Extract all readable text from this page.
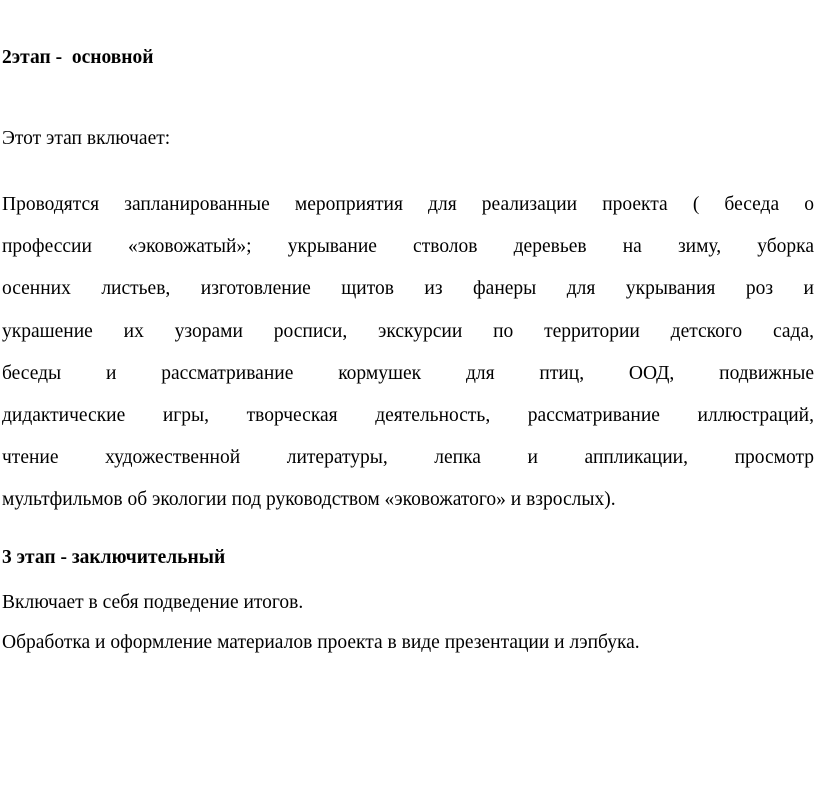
2этап -  основной

Этот этап включает:

Проводятся запланированные мероприятия для реализации проекта ( беседа о

профессии «эковожатый»; укрывание стволов деревьев на зиму, уборка

осенних листьев, изготовление щитов из фанеры для укрывания роз и

украшение их узорами росписи, экскурсии по территории детского сада,

беседы и рассматривание кормушек для птиц, ООД, подвижные

дидактические игры, творческая деятельность, рассматривание иллюстраций,

чтение художественной литературы, лепка и аппликации, просмотр

мультфильмов об экологии под руководством «эковожатого» и взрослых).

3 этап - заключительный

Включает в себя подведение итогов.

Обработка и оформление материалов проекта в виде презентации и лэпбука.
